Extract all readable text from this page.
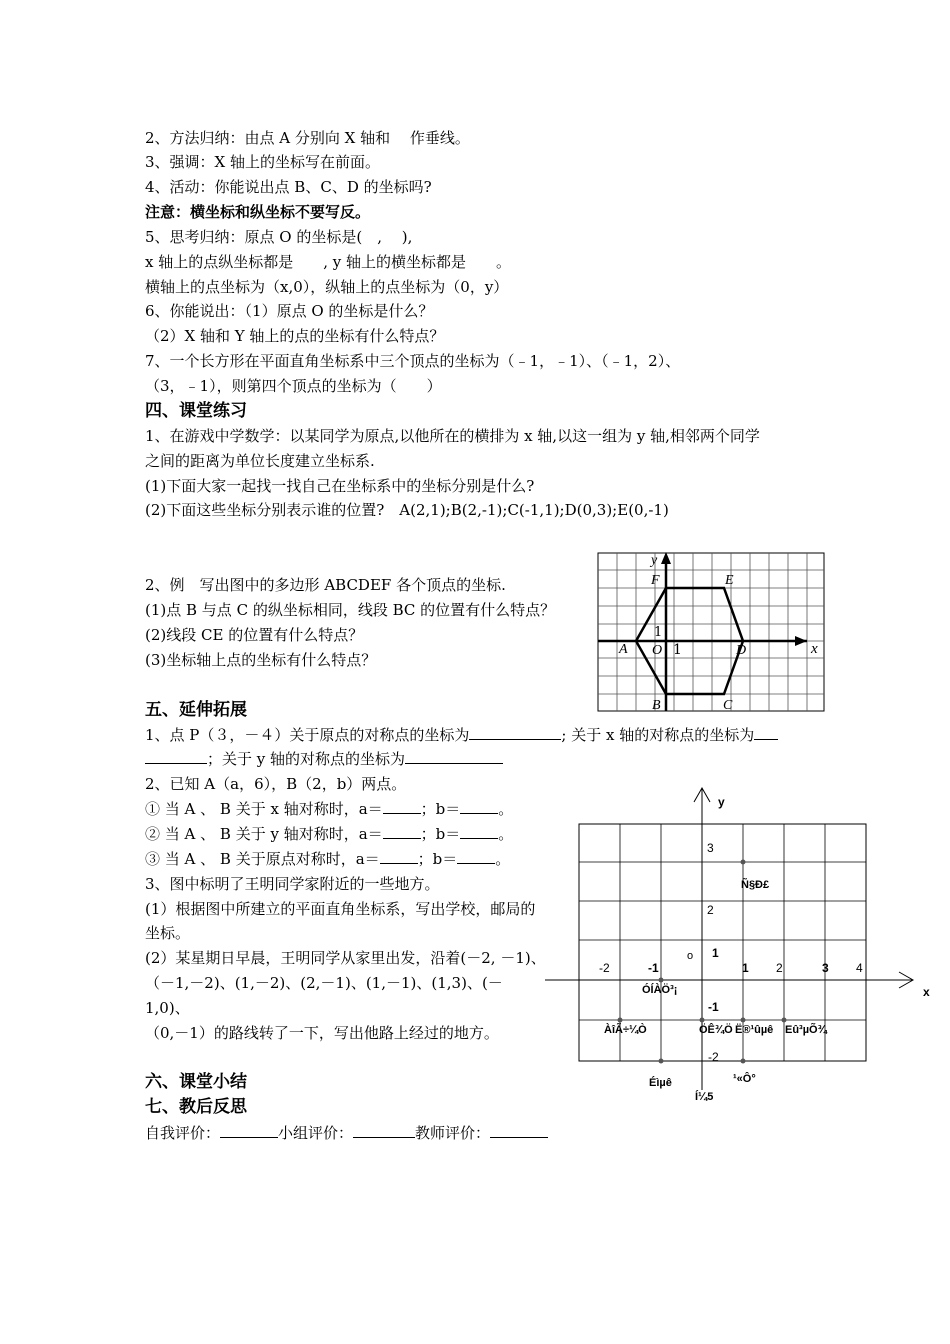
2、方法归纳：由点 A 分别向 X 轴和　 作垂线。
3、强调：X 轴上的坐标写在前面。
4、活动：你能说出点 B、C、D 的坐标吗?
注意：横坐标和纵坐标不要写反。
5、思考归纳：原点 O 的坐标是(　,　 ),
x 轴上的点纵坐标都是　　, y 轴上的横坐标都是　　。
横轴上的点坐标为（x,0），纵轴上的点坐标为（0，y）
6、你能说出：（1）原点 O 的坐标是什么？
（2）X 轴和 Y 轴上的点的坐标有什么特点？
7、一个长方形在平面直角坐标系中三个顶点的坐标为（﹣1，﹣1）、（﹣1，2）、
（3，﹣1），则第四个顶点的坐标为（　　）
四、课堂练习
1、在游戏中学数学：以某同学为原点,以他所在的横排为 x 轴,以这一组为 y 轴,相邻两个同学
之间的距离为单位长度建立坐标系.
(1)下面大家一起找一找自己在坐标系中的坐标分别是什么?
(2)下面这些坐标分别表示谁的位置?　A(2,1);B(2,-1);C(-1,1);D(0,3);E(0,-1)
2、例　写出图中的多边形 ABCDEF 各个顶点的坐标.
(1)点 B 与点 C 的纵坐标相同，线段 BC 的位置有什么特点？
(2)线段 CE 的位置有什么特点？
(3)坐标轴上点的坐标有什么特点？
五、延伸拓展
1、点 P（３，－４）关于原点的对称点的坐标为	; 关于 x 轴的对称点的坐标为
；关于 y 轴的对称点的坐标为
2、已知 A（a，6），B（2，b）两点。
① 当 A 、 B 关于 x 轴对称时，a＝	；b＝	。
② 当 A 、 B 关于 y 轴对称时，a＝	；b＝	。
③ 当 A 、 B 关于原点对称时，a＝	；b＝	。
3、图中标明了王明同学家附近的一些地方。
(1）根据图中所建立的平面直角坐标系，写出学校，邮局的
坐标。
(2）某星期日早晨，王明同学从家里出发，沿着(－2, －1)、
（－1,－2)、(1,－2)、(2,－1)、(1,－1)、(1,3)、(－
1,0)、
（0,－1）的路线转了一下，写出他路上经过的地方。
六、课堂小结
七、教后反思
自我评价：	小组评价：	教师评价：
y
x
F	E
A O 1
1
D
B	C
y
x
3
2
1
-1
-2
-2	-1	1 2	3 4
o
Ñ§Ð£
ÓÍÀÖ³¡
ÀîÃ÷¼Ò	ÖÊ¾Ö Ë®¹ûµê Eû³µÕ¾
Éìµê
Í¼5
¹«Ô°
